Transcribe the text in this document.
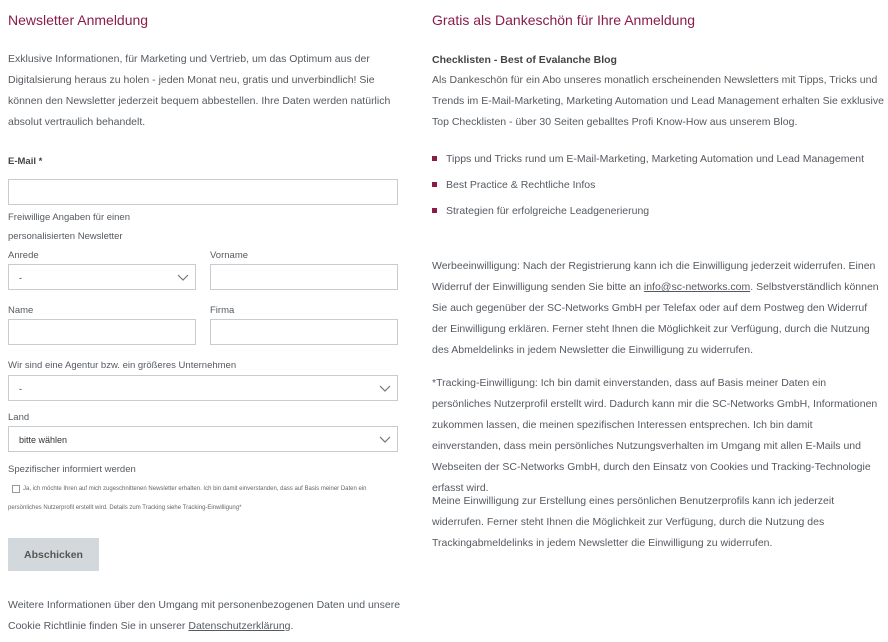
Newsletter Anmeldung

Exklusive Informationen, für Marketing und Vertrieb, um das Optimum aus der Digitalsierung heraus zu holen - jeden Monat neu, gratis und unverbindlich! Sie können den Newsletter jederzeit bequem abbestellen. Ihre Daten werden natürlich absolut vertraulich behandelt.

E-Mail *
Freiwillige Angaben für einen
personalisierten Newsletter
Anrede
-
Vorname
Name	Firma
Wir sind eine Agentur bzw. ein größeres Unternehmen
-
Land
bitte wählen
Spezifischer informiert werden
Ja, ich möchte Ihren auf mich zugeschnittenen Newsletter erhalten. Ich bin damit einverstanden, dass auf Basis meiner Daten ein
persönliches Nutzerprofil erstellt wird. Details zum Tracking siehe Tracking-Einwilligung*
Abschicken

Weitere Informationen über den Umgang mit personenbezogenen Daten und unsere Cookie Richtlinie finden Sie in unserer Datenschutzerklärung.

Gratis als Dankeschön für Ihre Anmeldung
Checklisten - Best of Evalanche Blog

Als Dankeschön für ein Abo unseres monatlich erscheinenden Newsletters mit Tipps, Tricks und Trends im E-Mail-Marketing, Marketing Automation und Lead Management erhalten Sie exklusive Top Checklisten - über 30 Seiten geballtes Profi Know-How aus unserem Blog.

Tipps und Tricks rund um E-Mail-Marketing, Marketing Automation und Lead Management
Best Practice & Rechtliche Infos
Strategien für erfolgreiche Leadgenerierung

Werbeeinwilligung: Nach der Registrierung kann ich die Einwilligung jederzeit widerrufen. Einen Widerruf der Einwilligung senden Sie bitte an info@sc-networks.com. Selbstverständlich können Sie auch gegenüber der SC-Networks GmbH per Telefax oder auf dem Postweg den Widerruf der Einwilligung erklären. Ferner steht Ihnen die Möglichkeit zur Verfügung, durch die Nutzung des Abmeldelinks in jedem Newsletter die Einwilligung zu widerrufen.

*Tracking-Einwilligung: Ich bin damit einverstanden, dass auf Basis meiner Daten ein persönliches Nutzerprofil erstellt wird. Dadurch kann mir die SC-Networks GmbH, Informationen zukommen lassen, die meinen spezifischen Interessen entsprechen. Ich bin damit einverstanden, dass mein persönliches Nutzungsverhalten im Umgang mit allen E-Mails und Webseiten der SC-Networks GmbH, durch den Einsatz von Cookies und Tracking-Technologie erfasst wird.

Meine Einwilligung zur Erstellung eines persönlichen Benutzerprofils kann ich jederzeit widerrufen. Ferner steht Ihnen die Möglichkeit zur Verfügung, durch die Nutzung des Trackingabmeldelinks in jedem Newsletter die Einwilligung zu widerrufen.
